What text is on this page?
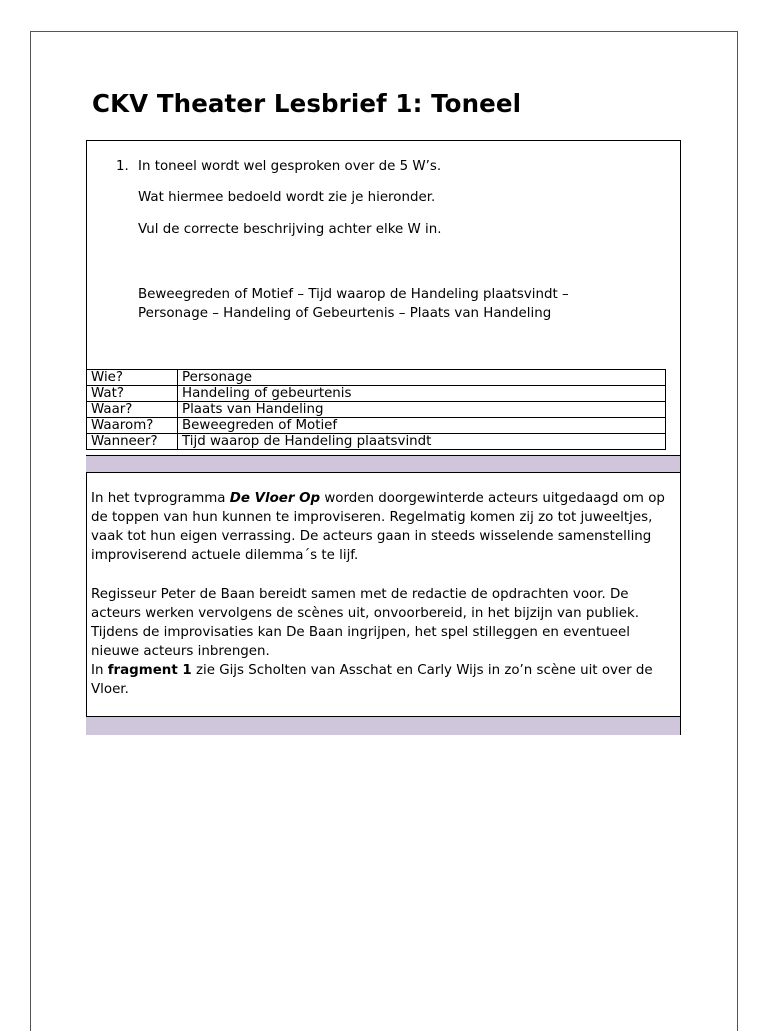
CKV Theater Lesbrief 1: Toneel
1. In toneel wordt wel gesproken over de 5 W’s.

Wat hiermee bedoeld wordt zie je hieronder.

Vul de correcte beschrijving achter elke W in.

Beweegreden of Motief – Tijd waarop de Handeling plaatsvindt –

Personage – Handeling of Gebeurtenis – Plaats van Handeling

Wie?	Personage
Wat?	Handeling of gebeurtenis
Waar?	Plaats van Handeling
Waarom?	Beweegreden of Motief
Wanneer?	Tijd waarop de Handeling plaatsvindt

In het tvprogramma De Vloer Op worden doorgewinterde acteurs uitgedaagd om op de toppen van hun kunnen te improviseren. Regelmatig komen zij zo tot juweeltjes, vaak tot hun eigen verrassing. De acteurs gaan in steeds wisselende samenstelling improviserend actuele dilemma´s te lijf.

Regisseur Peter de Baan bereidt samen met de redactie de opdrachten voor. De acteurs werken vervolgens de scènes uit, onvoorbereid, in het bijzijn van publiek. Tijdens de improvisaties kan De Baan ingrijpen, het spel stilleggen en eventueel nieuwe acteurs inbrengen.

In fragment 1 zie Gijs Scholten van Asschat en Carly Wijs in zo’n scène uit over de Vloer.
